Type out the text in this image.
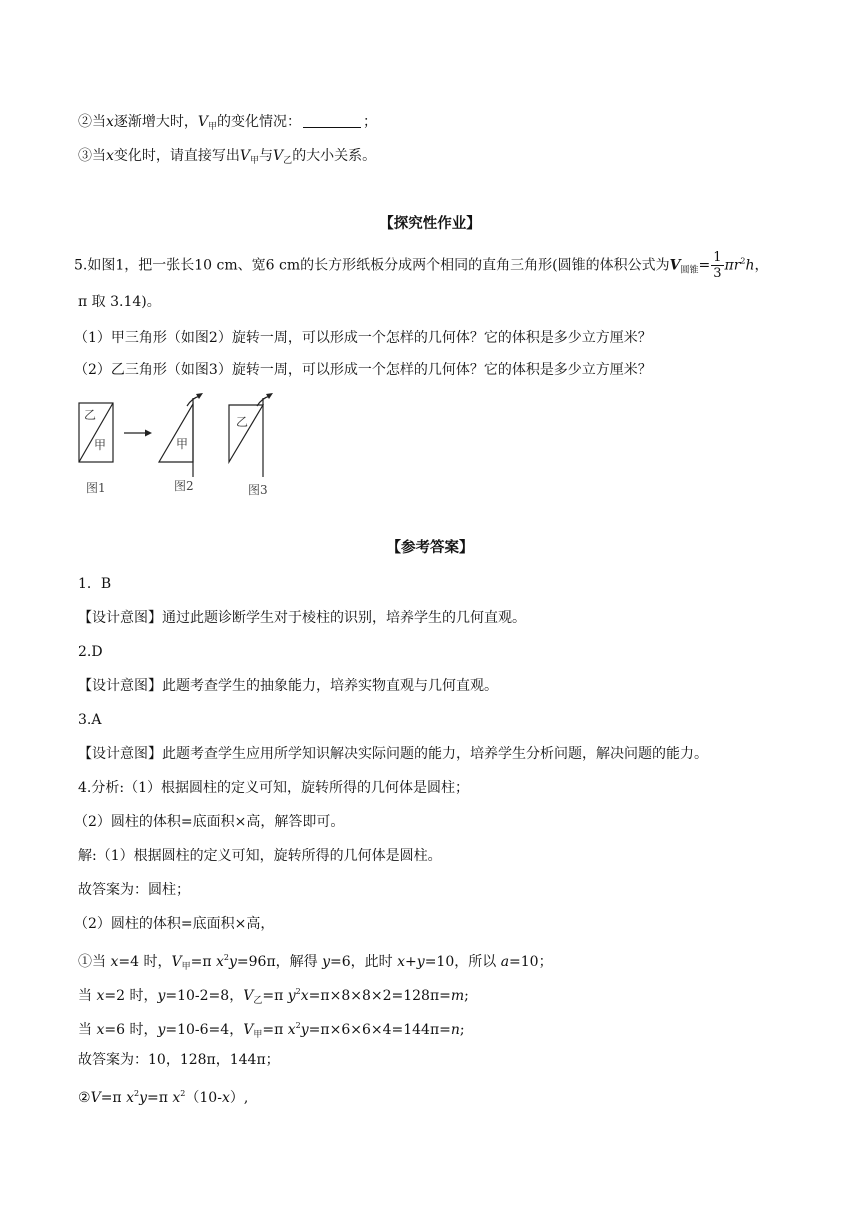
②当x逐渐增大时，$V_甲$的变化情况：	；
③当x变化时，请直接写出$V_甲$与$V_乙$的大小关系。
【探究性作业】
5.如图1，把一张长10 cm、宽6 cm的长方形纸板分成两个相同的直角三角形(圆锥的体积公式为$V_{圆锥}= \frac{1}{3} \pi r^2h$，
π 取 3.14)。
（1）甲三角形（如图2）旋转一周，可以形成一个怎样的几何体？它的体积是多少立方厘米？
（2）乙三角形（如图3）旋转一周，可以形成一个怎样的几何体？它的体积是多少立方厘米？
乙
甲	甲
乙
图1	图2	图3
【参考答案】
1．B
【设计意图】通过此题诊断学生对于棱柱的识别，培养学生的几何直观。
2.D
【设计意图】此题考查学生的抽象能力，培养实物直观与几何直观。
3.A
【设计意图】此题考查学生应用所学知识解决实际问题的能力，培养学生分析问题，解决问题的能力。
4.分析:（1）根据圆柱的定义可知，旋转所得的几何体是圆柱；
（2）圆柱的体积=底面积×高，解答即可。
解:（1）根据圆柱的定义可知，旋转所得的几何体是圆柱。
故答案为：圆柱；
（2）圆柱的体积=底面积×高，
①当 x=4 时，$V_甲=\pi$ $x^2y=96\pi$，解得 y=6，此时 x+y=10，所以 a=10；
当 x=2 时，y=10-2=8，$V_乙=\pi$ $y^2x=\pi\times 8\times 8\times 2=128\pi=m$;
当 x=6 时，y=10-6=4，$V_甲=\pi$ $x^2y=\pi\times 6\times 6\times 4=144\pi=n$;
故答案为：10，128π，144π；
②V=π $x^2y=\pi$ $x^2(10-x)$,
